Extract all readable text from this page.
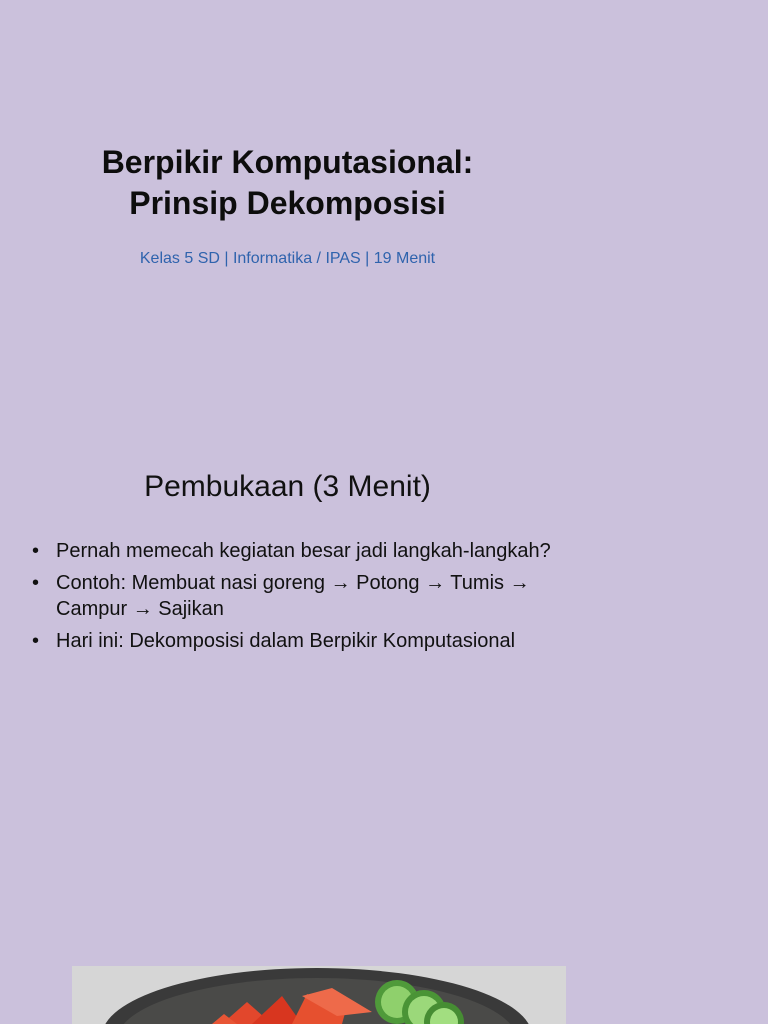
Berpikir Komputasional:
Prinsip Dekomposisi
Kelas 5 SD | Informatika / IPAS | 19 Menit
Pembukaan (3 Menit)
• Pernah memecah kegiatan besar jadi langkah-langkah?
• Contoh: Membuat nasi goreng → Potong → Tumis → Campur → Sajikan
• Hari ini: Dekomposisi dalam Berpikir Komputasional
